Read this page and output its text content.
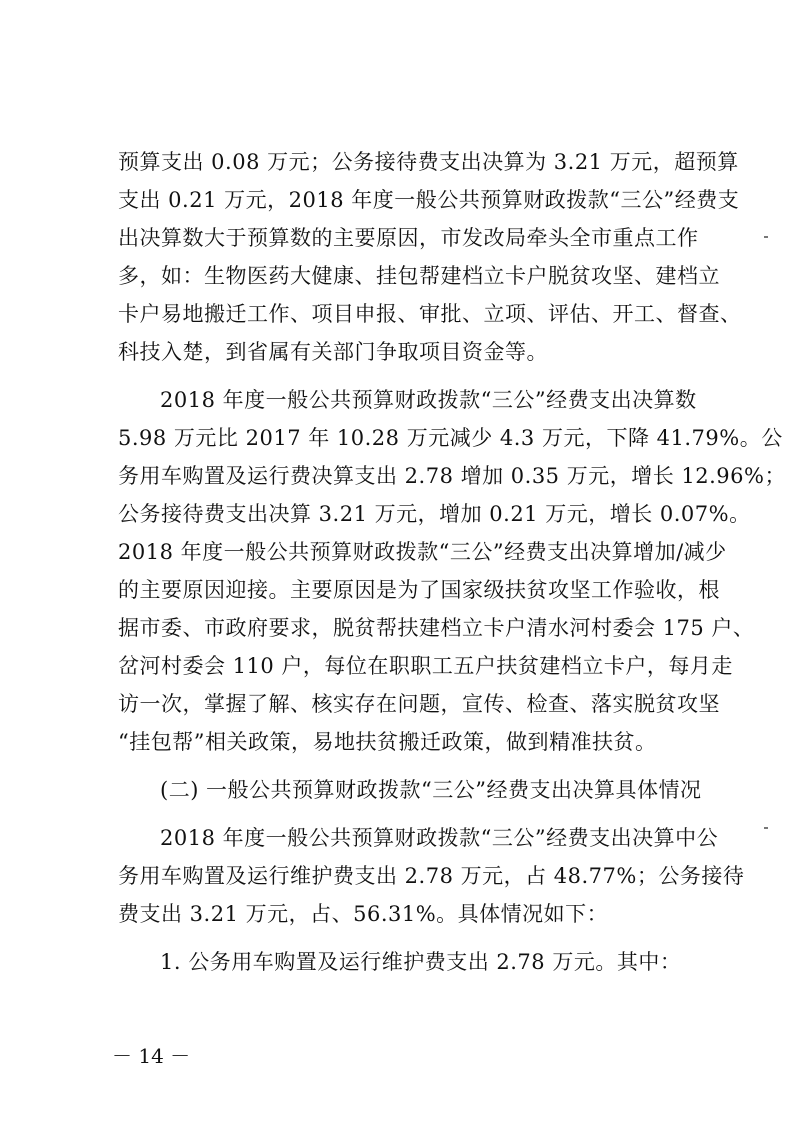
预算支出 0.08 万元；公务接待费支出决算为 3.21 万元，超预算
支出 0.21 万元，2018 年度一般公共预算财政拨款“三公”经费支
出决算数大于预算数的主要原因，市发改局牵头全市重点工作
多，如：生物医药大健康、挂包帮建档立卡户脱贫攻坚、建档立
卡户易地搬迁工作、项目申报、审批、立项、评估、开工、督查、
科技入楚，到省属有关部门争取项目资金等。
2018 年度一般公共预算财政拨款“三公”经费支出决算数
5.98 万元比 2017 年 10.28 万元减少 4.3 万元，下降 41.79%。公
务用车购置及运行费决算支出 2.78 增加 0.35 万元，增长 12.96%；
公务接待费支出决算 3.21 万元，增加 0.21 万元，增长 0.07%。
2018 年度一般公共预算财政拨款“三公”经费支出决算增加/减少
的主要原因迎接。主要原因是为了国家级扶贫攻坚工作验收，根
据市委、市政府要求，脱贫帮扶建档立卡户清水河村委会 175 户、
岔河村委会 110 户，每位在职职工五户扶贫建档立卡户，每月走
访一次，掌握了解、核实存在问题，宣传、检查、落实脱贫攻坚
“挂包帮”相关政策，易地扶贫搬迁政策，做到精准扶贫。
(二) 一般公共预算财政拨款“三公”经费支出决算具体情况
2018 年度一般公共预算财政拨款“三公”经费支出决算中公
务用车购置及运行维护费支出 2.78 万元，占 48.77%；公务接待
费支出 3.21 万元，占、56.31%。具体情况如下：
1. 公务用车购置及运行维护费支出 2.78 万元。其中：
－ 14 －
